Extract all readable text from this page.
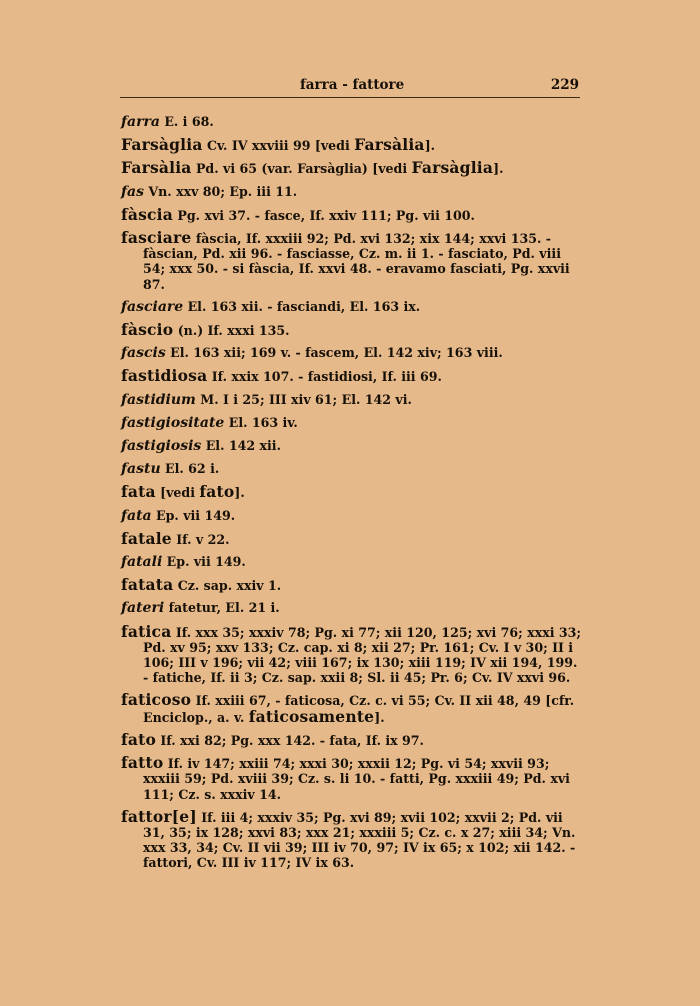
farra - fattore	229

farra E. i 68.

Farsàglia Cv. IV xxviii 99 [vedi Farsàlia].

Farsàlia Pd. vi 65 (var. Farsàglia) [vedi Farsàglia].

fas Vn. xxv 80; Ep. iii 11.

fàscia Pg. xvi 37. - fasce, If. xxiv 111; Pg. vii 100.

fasciare fàscia, If. xxxiii 92; Pd. xvi 132; xix 144; xxvi 135. - fàscian, Pd. xii 96. - fasciasse, Cz. m. ii 1. - fasciato, Pd. viii 54; xxx 50. - si fàscia, If. xxvi 48. - eravamo fasciati, Pg. xxvii 87.

fasciare El. 163 xii. - fasciandi, El. 163 ix.

fàscio (n.) If. xxxi 135.

fascis El. 163 xii; 169 v. - fascem, El. 142 xiv; 163 viii.

fastidiosa If. xxix 107. - fastidiosi, If. iii 69.

fastidium M. I i 25; III xiv 61; El. 142 vi.

fastigiositate El. 163 iv.

fastigiosis El. 142 xii.

fastu El. 62 i.

fata [vedi fato].

fata Ep. vii 149.

fatale If. v 22.

fatali Ep. vii 149.

fatata Cz. sap. xxiv 1.

fateri fatetur, El. 21 i.

fatica If. xxx 35; xxxiv 78; Pg. xi 77; xii 120, 125; xvi 76; xxxi 33; Pd. xv 95; xxv 133; Cz. cap. xi 8; xii 27; Pr. 161; Cv. I v 30; II i 106; III v 196; vii 42; viii 167; ix 130; xiii 119; IV xii 194, 199. - fatiche, If. ii 3; Cz. sap. xxii 8; Sl. ii 45; Pr. 6; Cv. IV xxvi 96.

faticoso If. xxiii 67, - faticosa, Cz. c. vi 55; Cv. II xii 48, 49 [cfr. Enciclop., a. v. faticosamente].

fato If. xxi 82; Pg. xxx 142. - fata, If. ix 97.

fatto If. iv 147; xxiii 74; xxxi 30; xxxii 12; Pg. vi 54; xxvii 93; xxxiii 59; Pd. xviii 39; Cz. s. li 10. - fatti, Pg. xxxiii 49; Pd. xvi 111; Cz. s. xxxiv 14.

fattor[e] If. iii 4; xxxiv 35; Pg. xvi 89; xvii 102; xxvii 2; Pd. vii 31, 35; ix 128; xxvi 83; xxx 21; xxxiii 5; Cz. c. x 27; xiii 34; Vn. xxx 33, 34; Cv. II vii 39; III iv 70, 97; IV ix 65; x 102; xii 142. - fattori, Cv. III iv 117; IV ix 63.
